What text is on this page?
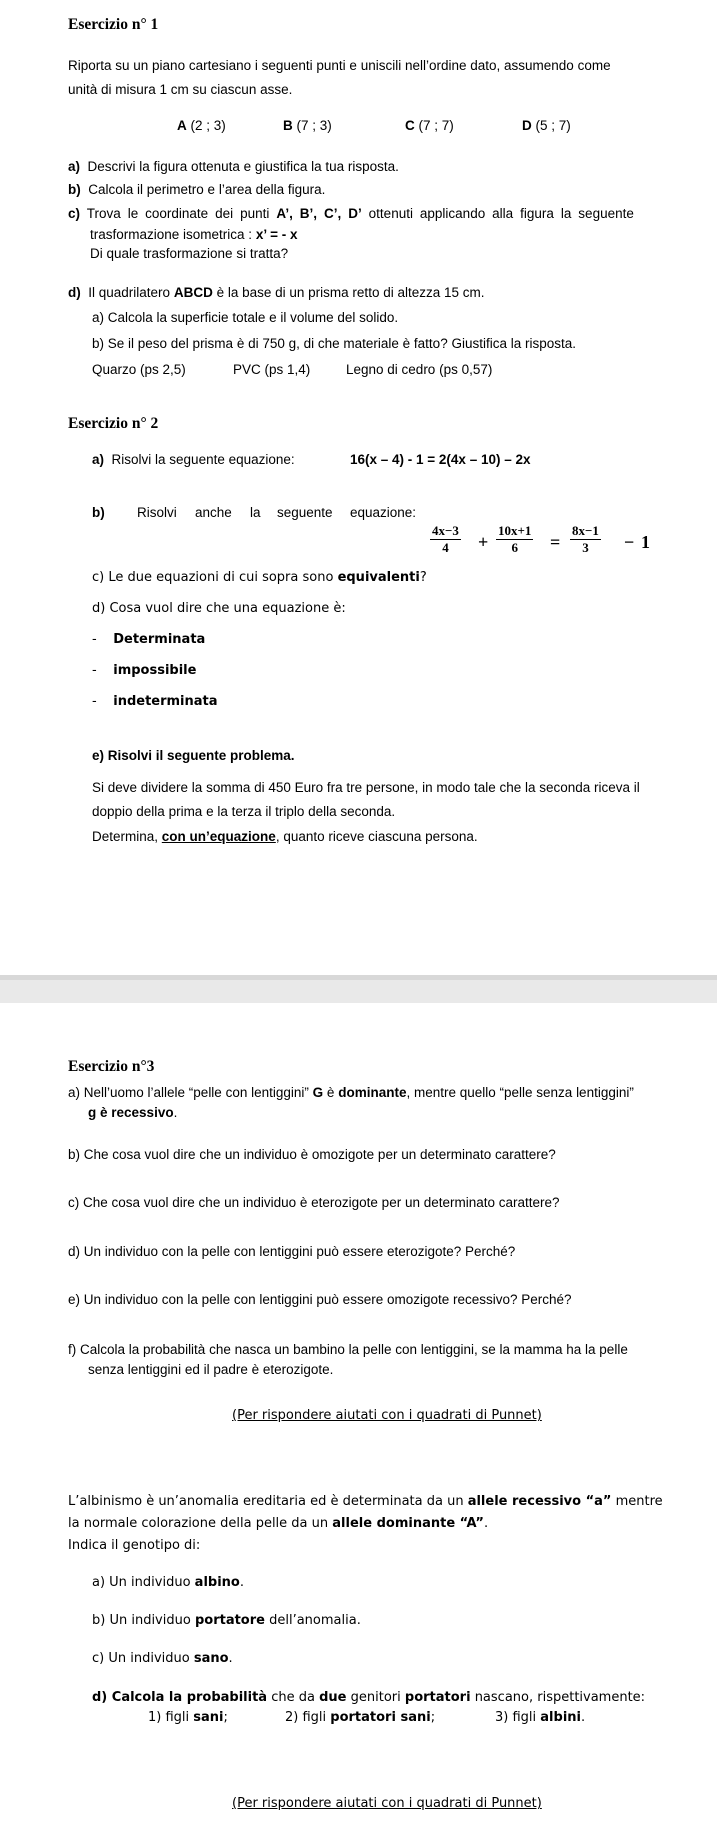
Esercizio n° 1
Riporta su un piano cartesiano i seguenti punti e uniscili nell’ordine dato, assumendo come
unità di misura 1 cm su ciascun asse.
A (2 ; 3)	B (7 ; 3)	C (7 ; 7)	D (5 ; 7)
a) Descrivi la figura ottenuta e giustifica la tua risposta.
b) Calcola il perimetro e l’area della figura.
c) Trova le coordinate dei punti A’, B’, C’, D’ ottenuti applicando alla figura la seguente
trasformazione isometrica : x’ = - x
Di quale trasformazione si tratta?
d) Il quadrilatero ABCD è la base di un prisma retto di altezza 15 cm.
a) Calcola la superficie totale e il volume del solido.
b) Se il peso del prisma è di 750 g, di che materiale è fatto? Giustifica la risposta.
Quarzo (ps 2,5)	PVC (ps 1,4)	Legno di cedro (ps 0,57)
Esercizio n° 2
a) Risolvi la seguente equazione:	16(x – 4) - 1 = 2(4x – 10) – 2x
b) Risolvi anche la seguente equazione:
$\frac{4x-3}{4} + \frac{10x+1}{6} = \frac{8x-1}{3} - 1$
c) Le due equazioni di cui sopra sono equivalenti?
d) Cosa vuol dire che una equazione è:
-    Determinata
-    impossibile
-    indeterminata
e) Risolvi il seguente problema.
Si deve dividere la somma di 450 Euro fra tre persone, in modo tale che la seconda riceva il
doppio della prima e la terza il triplo della seconda.
Determina, con un’equazione, quanto riceve ciascuna persona.
Esercizio n°3
a) Nell’uomo l’allele “pelle con lentiggini” G è dominante, mentre quello “pelle senza lentiggini”
g è recessivo.
b) Che cosa vuol dire che un individuo è omozigote per un determinato carattere?
c) Che cosa vuol dire che un individuo è eterozigote per un determinato carattere?
d) Un individuo con la pelle con lentiggini può essere eterozigote? Perché?
e) Un individuo con la pelle con lentiggini può essere omozigote recessivo? Perché?
f) Calcola la probabilità che nasca un bambino la pelle con lentiggini, se la mamma ha la pelle
senza lentiggini ed il padre è eterozigote.
(Per rispondere aiutati con i quadrati di Punnet)
L’albinismo è un’anomalia ereditaria ed è determinata da un allele recessivo “a” mentre
la normale colorazione della pelle da un allele dominante “A”.
Indica il genotipo di:
a) Un individuo albino.
b) Un individuo portatore dell’anomalia.
c) Un individuo sano.
d) Calcola la probabilità che da due genitori portatori nascano, rispettivamente:
1) figli sani;	2) figli portatori sani;	3) figli albini.
(Per rispondere aiutati con i quadrati di Punnet)
